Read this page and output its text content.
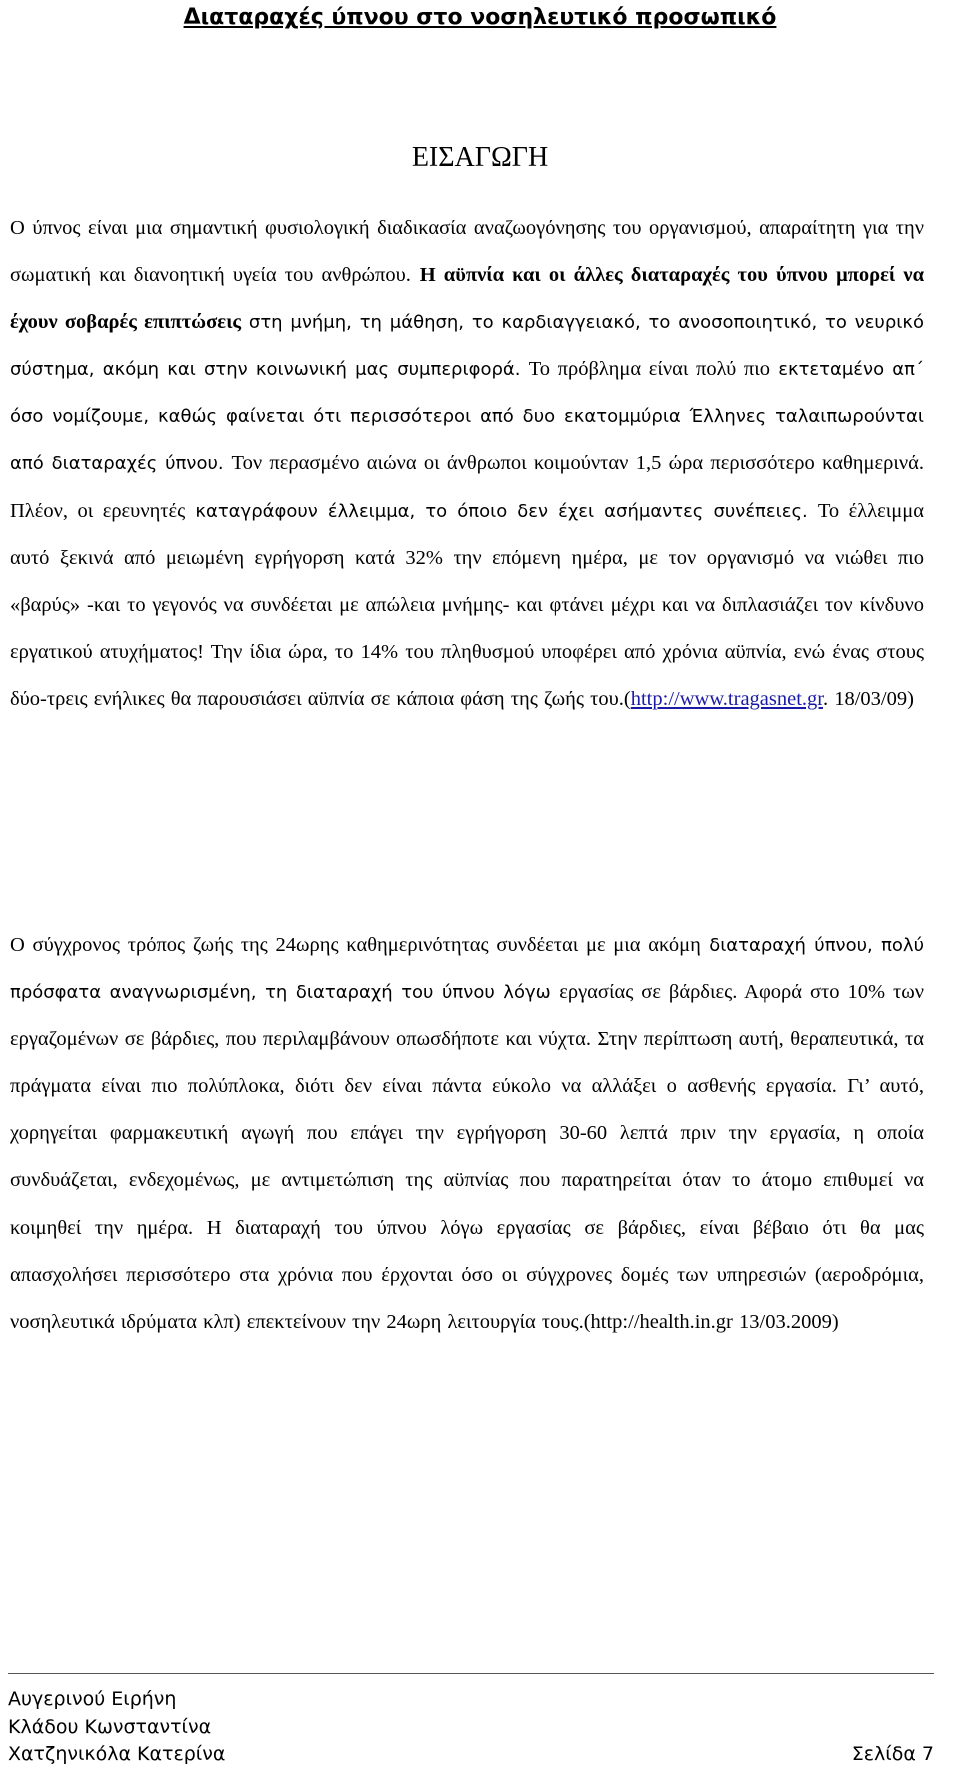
Διαταραχές ύπνου στο νοσηλευτικό προσωπικό
ΕΙΣΑΓΩΓΗ

Ο ύπνος είναι μια σημαντική φυσιολογική διαδικασία αναζωογόνησης του οργανισμού, απαραίτητη για την σωματική και διανοητική υγεία του ανθρώπου. Η αϋπνία και οι άλλες διαταραχές του ύπνου μπορεί να έχουν σοβαρές επιπτώσεις στη μνήμη, τη μάθηση, το καρδιαγγειακό, το ανοσοποιητικό, το νευρικό σύστημα, ακόμη και στην κοινωνική μας συμπεριφορά. Το πρόβλημα είναι πολύ πιο εκτεταμένο απ΄ όσο νομίζουμε, καθώς φαίνεται ότι περισσότεροι από δυο εκατομμύρια Έλληνες ταλαιπωρούνται από διαταραχές ύπνου. Τον περασμένο αιώνα οι άνθρωποι κοιμούνταν 1,5 ώρα περισσότερο καθημερινά. Πλέον, οι ερευνητές καταγράφουν έλλειμμα, το όποιο δεν έχει ασήμαντες συνέπειες. Το έλλειμμα αυτό ξεκινά από μειωμένη εγρήγορση κατά 32% την επόμενη ημέρα, με τον οργανισμό να νιώθει πιο «βαρύς» -και το γεγονός να συνδέεται με απώλεια μνήμης- και φτάνει μέχρι και να διπλασιάζει τον κίνδυνο εργατικού ατυχήματος! Την ίδια ώρα, το 14% του πληθυσμού υποφέρει από χρόνια αϋπνία, ενώ ένας στους δύο-τρεις ενήλικες θα παρουσιάσει αϋπνία σε κάποια φάση της ζωής του.(http://www.tragasnet.gr. 18/03/09)

Ο σύγχρονος τρόπος ζωής της 24ωρης καθημερινότητας συνδέεται με μια ακόμη διαταραχή ύπνου, πολύ πρόσφατα αναγνωρισμένη, τη διαταραχή του ύπνου λόγω εργασίας σε βάρδιες. Αφορά στο 10% των εργαζομένων σε βάρδιες, που περιλαμβάνουν οπωσδήποτε και νύχτα. Στην περίπτωση αυτή, θεραπευτικά, τα πράγματα είναι πιο πολύπλοκα, διότι δεν είναι πάντα εύκολο να αλλάξει ο ασθενής εργασία. Γι’ αυτό, χορηγείται φαρμακευτική αγωγή που επάγει την εγρήγορση 30-60 λεπτά πριν την εργασία, η οποία συνδυάζεται, ενδεχομένως, με αντιμετώπιση της αϋπνίας που παρατηρείται όταν το άτομο επιθυμεί να κοιμηθεί την ημέρα. Η διαταραχή του ύπνου λόγω εργασίας σε βάρδιες, είναι βέβαιο ότι θα μας απασχολήσει περισσότερο στα χρόνια που έρχονται όσο οι σύγχρονες δομές των υπηρεσιών (αεροδρόμια, νοσηλευτικά ιδρύματα κλπ) επεκτείνουν την 24ωρη λειτουργία τους.(http://health.in.gr 13/03.2009)

Αυγερινού Ειρήνη
Κλάδου Κωνσταντίνα
Χατζηνικόλα Κατερίνα	Σελίδα 7
